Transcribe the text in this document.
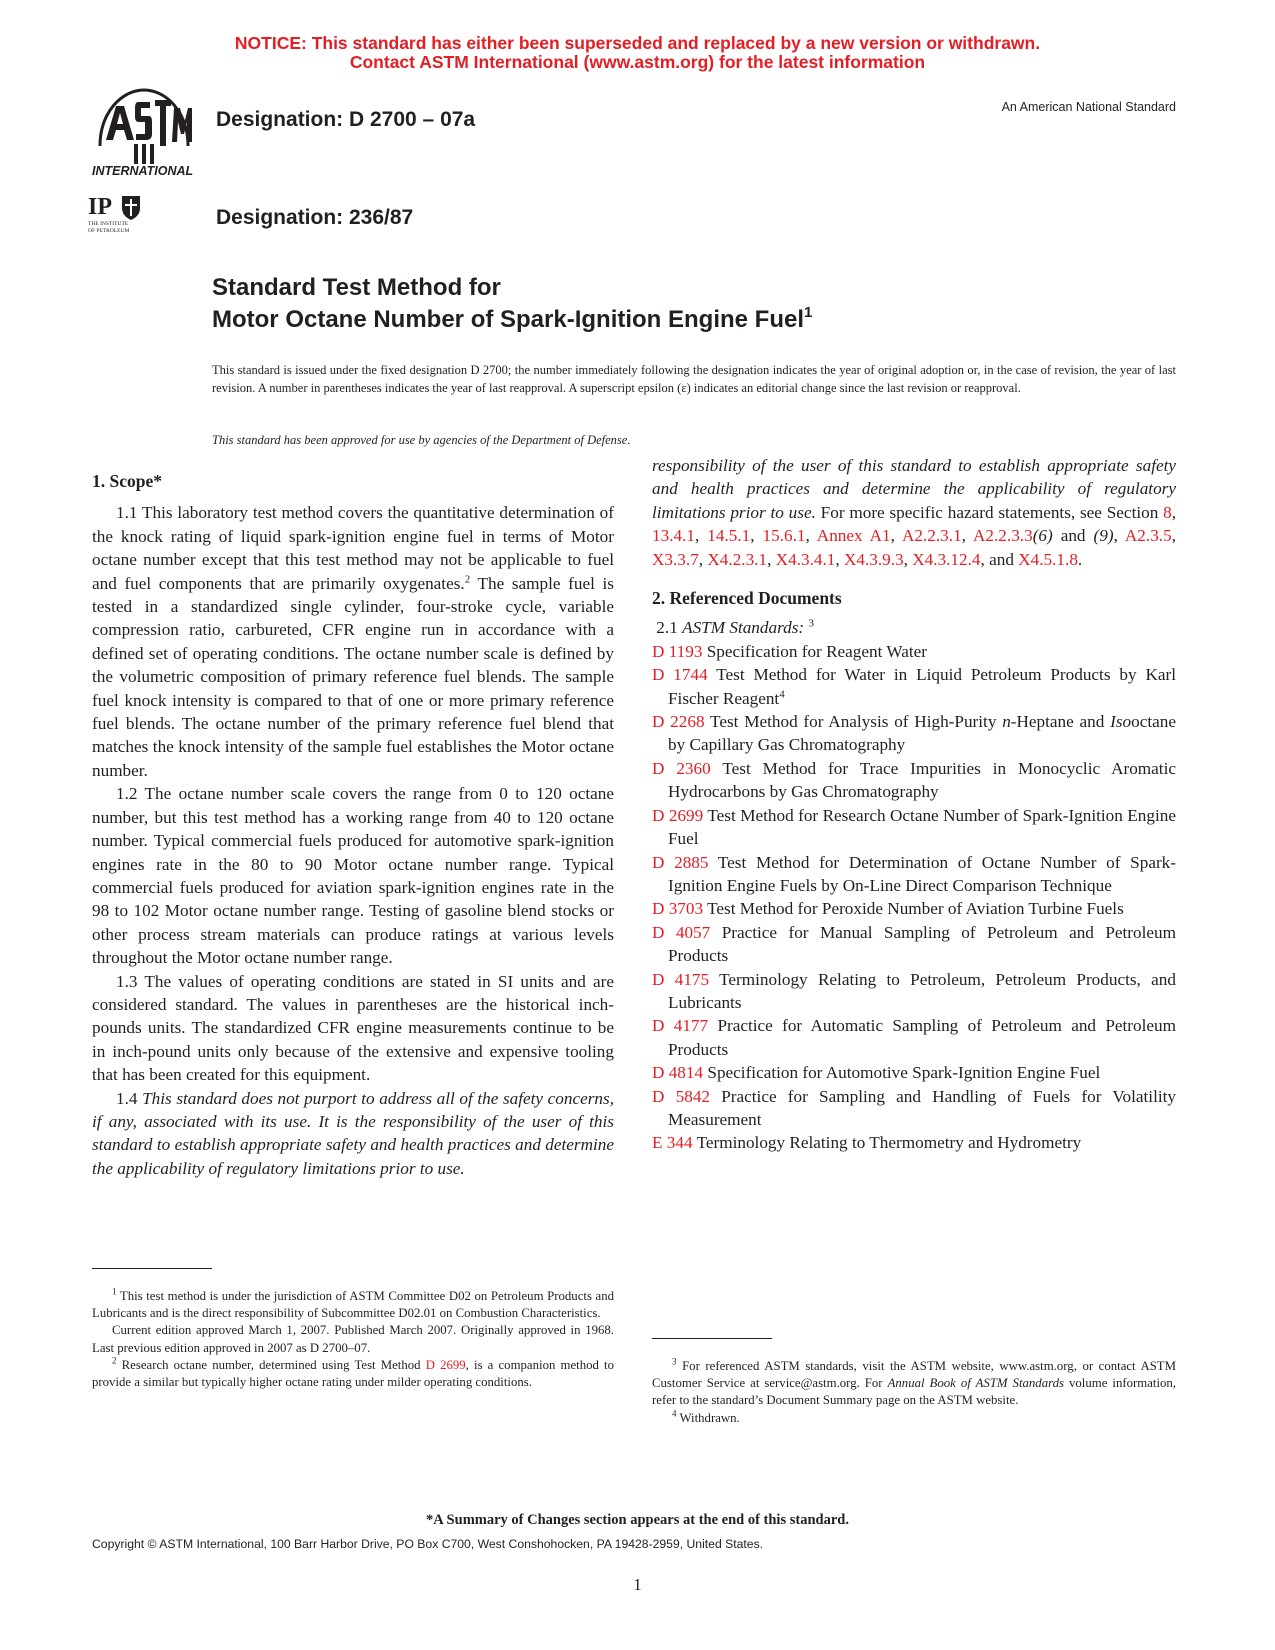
NOTICE: This standard has either been superseded and replaced by a new version or withdrawn.
Contact ASTM International (www.astm.org) for the latest information
INTERNATIONAL
IP
THE INSTITUTE
OF PETROLEUM
Designation: D 2700 – 07a
Designation: 236/87
An American National Standard
Standard Test Method for
Motor Octane Number of Spark-Ignition Engine Fuel$^1$
This standard is issued under the fixed designation D 2700; the number immediately following the designation indicates the year of original adoption or, in the case of revision, the year of last revision. A number in parentheses indicates the year of last reapproval. A superscript epsilon (ε) indicates an editorial change since the last revision or reapproval.
This standard has been approved for use by agencies of the Department of Defense.
1. Scope*

1.1 This laboratory test method covers the quantitative determination of the knock rating of liquid spark-ignition engine fuel in terms of Motor octane number except that this test method may not be applicable to fuel and fuel components that are primarily oxygenates.$^2$ The sample fuel is tested in a standardized single cylinder, four-stroke cycle, variable compression ratio, carbureted, CFR engine run in accordance with a defined set of operating conditions. The octane number scale is defined by the volumetric composition of primary reference fuel blends. The sample fuel knock intensity is compared to that of one or more primary reference fuel blends. The octane number of the primary reference fuel blend that matches the knock intensity of the sample fuel establishes the Motor octane number.

1.2 The octane number scale covers the range from 0 to 120 octane number, but this test method has a working range from 40 to 120 octane number. Typical commercial fuels produced for automotive spark-ignition engines rate in the 80 to 90 Motor octane number range. Typical commercial fuels produced for aviation spark-ignition engines rate in the 98 to 102 Motor octane number range. Testing of gasoline blend stocks or other process stream materials can produce ratings at various levels throughout the Motor octane number range.

1.3 The values of operating conditions are stated in SI units and are considered standard. The values in parentheses are the historical inch-pounds units. The standardized CFR engine measurements continue to be in inch-pound units only because of the extensive and expensive tooling that has been created for this equipment.

1.4 This standard does not purport to address all of the safety concerns, if any, associated with its use. It is the responsibility of the user of this standard to establish appropriate safety and health practices and determine the applicability of regulatory limitations prior to use.

responsibility of the user of this standard to establish appropriate safety and health practices and determine the applicability of regulatory limitations prior to use. For more specific hazard statements, see Section 8, 13.4.1, 14.5.1, 15.6.1, Annex A1, A2.2.3.1, A2.2.3.3(6) and (9), A2.3.5, X3.3.7, X4.2.3.1, X4.3.4.1, X4.3.9.3, X4.3.12.4, and X4.5.1.8.
2. Referenced Documents
2.1 ASTM Standards: $^3$
D 1193 Specification for Reagent Water
D 1744 Test Method for Water in Liquid Petroleum Products by Karl Fischer Reagent$^4$
D 2268 Test Method for Analysis of High-Purity n-Heptane and Isooctane by Capillary Gas Chromatography
D 2360 Test Method for Trace Impurities in Monocyclic Aromatic Hydrocarbons by Gas Chromatography
D 2699 Test Method for Research Octane Number of Spark-Ignition Engine Fuel
D 2885 Test Method for Determination of Octane Number of Spark-Ignition Engine Fuels by On-Line Direct Comparison Technique
D 3703 Test Method for Peroxide Number of Aviation Turbine Fuels
D 4057 Practice for Manual Sampling of Petroleum and Petroleum Products
D 4175 Terminology Relating to Petroleum, Petroleum Products, and Lubricants
D 4177 Practice for Automatic Sampling of Petroleum and Petroleum Products
D 4814 Specification for Automotive Spark-Ignition Engine Fuel
D 5842 Practice for Sampling and Handling of Fuels for Volatility Measurement
E 344 Terminology Relating to Thermometry and Hydrometry

$^1$ This test method is under the jurisdiction of ASTM Committee D02 on Petroleum Products and Lubricants and is the direct responsibility of Subcommittee D02.01 on Combustion Characteristics.

Current edition approved March 1, 2007. Published March 2007. Originally approved in 1968. Last previous edition approved in 2007 as D 2700–07.

$^2$ Research octane number, determined using Test Method D 2699, is a companion method to provide a similar but typically higher octane rating under milder operating conditions.

$^3$ For referenced ASTM standards, visit the ASTM website, www.astm.org, or contact ASTM Customer Service at service@astm.org. For Annual Book of ASTM Standards volume information, refer to the standard’s Document Summary page on the ASTM website.

$^4$ Withdrawn.

*A Summary of Changes section appears at the end of this standard.
Copyright © ASTM International, 100 Barr Harbor Drive, PO Box C700, West Conshohocken, PA 19428-2959, United States.
1
